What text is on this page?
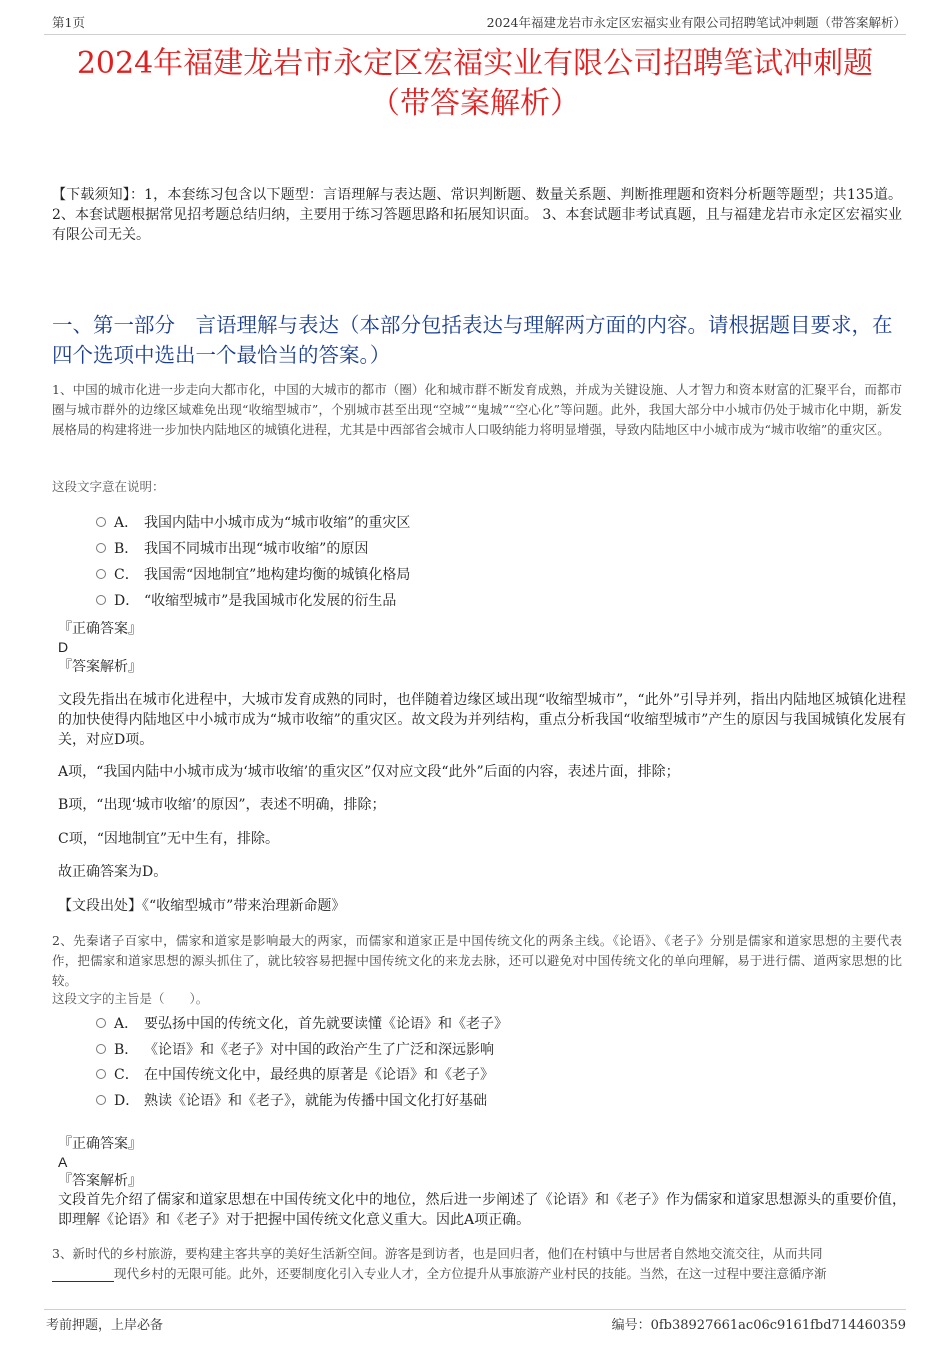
第1页	2024年福建龙岩市永定区宏福实业有限公司招聘笔试冲刺题（带答案解析）
2024年福建龙岩市永定区宏福实业有限公司招聘笔试冲刺题
（带答案解析）
【下载须知】：1，本套练习包含以下题型：言语理解与表达题、常识判断题、数量关系题、判断推理题和资料分析题等题型；共135道。 2、本套试题根据常见招考题总结归纳，主要用于练习答题思路和拓展知识面。 3、本套试题非考试真题，且与福建龙岩市永定区宏福实业有限公司无关。
一、第一部分　言语理解与表达（本部分包括表达与理解两方面的内容。请根据题目要求，在四个选项中选出一个最恰当的答案。）
1、中国的城市化进一步走向大都市化，中国的大城市的都市（圈）化和城市群不断发育成熟，并成为关键设施、人才智力和资本财富的汇聚平台，而都市圈与城市群外的边缘区域难免出现“收缩型城市”，个别城市甚至出现“空城”“鬼城”“空心化”等问题。此外，我国大部分中小城市仍处于城市化中期，新发展格局的构建将进一步加快内陆地区的城镇化进程，尤其是中西部省会城市人口吸纳能力将明显增强，导致内陆地区中小城市成为“城市收缩”的重灾区。
这段文字意在说明：
A． 我国内陆中小城市成为“城市收缩”的重灾区
B． 我国不同城市出现“城市收缩”的原因
C． 我国需“因地制宜”地构建均衡的城镇化格局
D． “收缩型城市”是我国城市化发展的衍生品
『正确答案』
D
『答案解析』
文段先指出在城市化进程中，大城市发育成熟的同时，也伴随着边缘区域出现“收缩型城市”，“此外”引导并列，指出内陆地区城镇化进程的加快使得内陆地区中小城市成为“城市收缩”的重灾区。故文段为并列结构，重点分析我国“收缩型城市”产生的原因与我国城镇化发展有关，对应D项。
A项，“我国内陆中小城市成为‘城市收缩’的重灾区”仅对应文段“此外”后面的内容，表述片面，排除；
B项，“出现‘城市收缩’的原因”，表述不明确，排除；
C项，“因地制宜”无中生有，排除。
故正确答案为D。
【文段出处】《“收缩型城市”带来治理新命题》
2、先秦诸子百家中，儒家和道家是影响最大的两家，而儒家和道家正是中国传统文化的两条主线。《论语》、《老子》分别是儒家和道家思想的主要代表作，把儒家和道家思想的源头抓住了，就比较容易把握中国传统文化的来龙去脉，还可以避免对中国传统文化的单向理解，易于进行儒、道两家思想的比较。
这段文字的主旨是（　　）。
A． 要弘扬中国的传统文化，首先就要读懂《论语》和《老子》
B． 《论语》和《老子》对中国的政治产生了广泛和深远影响
C． 在中国传统文化中，最经典的原著是《论语》和《老子》
D． 熟读《论语》和《老子》，就能为传播中国文化打好基础
『正确答案』
A
『答案解析』
文段首先介绍了儒家和道家思想在中国传统文化中的地位，然后进一步阐述了《论语》和《老子》作为儒家和道家思想源头的重要价值，即理解《论语》和《老子》对于把握中国传统文化意义重大。因此A项正确。
3、新时代的乡村旅游，要构建主客共享的美好生活新空间。游客是到访者，也是回归者，他们在村镇中与世居者自然地交流交往，从而共同
现代乡村的无限可能。此外，还要制度化引入专业人才，全方位提升从事旅游产业村民的技能。当然，在这一过程中要注意循序渐
考前押题，上岸必备	编号：0fb38927661ac06c9161fbd714460359
